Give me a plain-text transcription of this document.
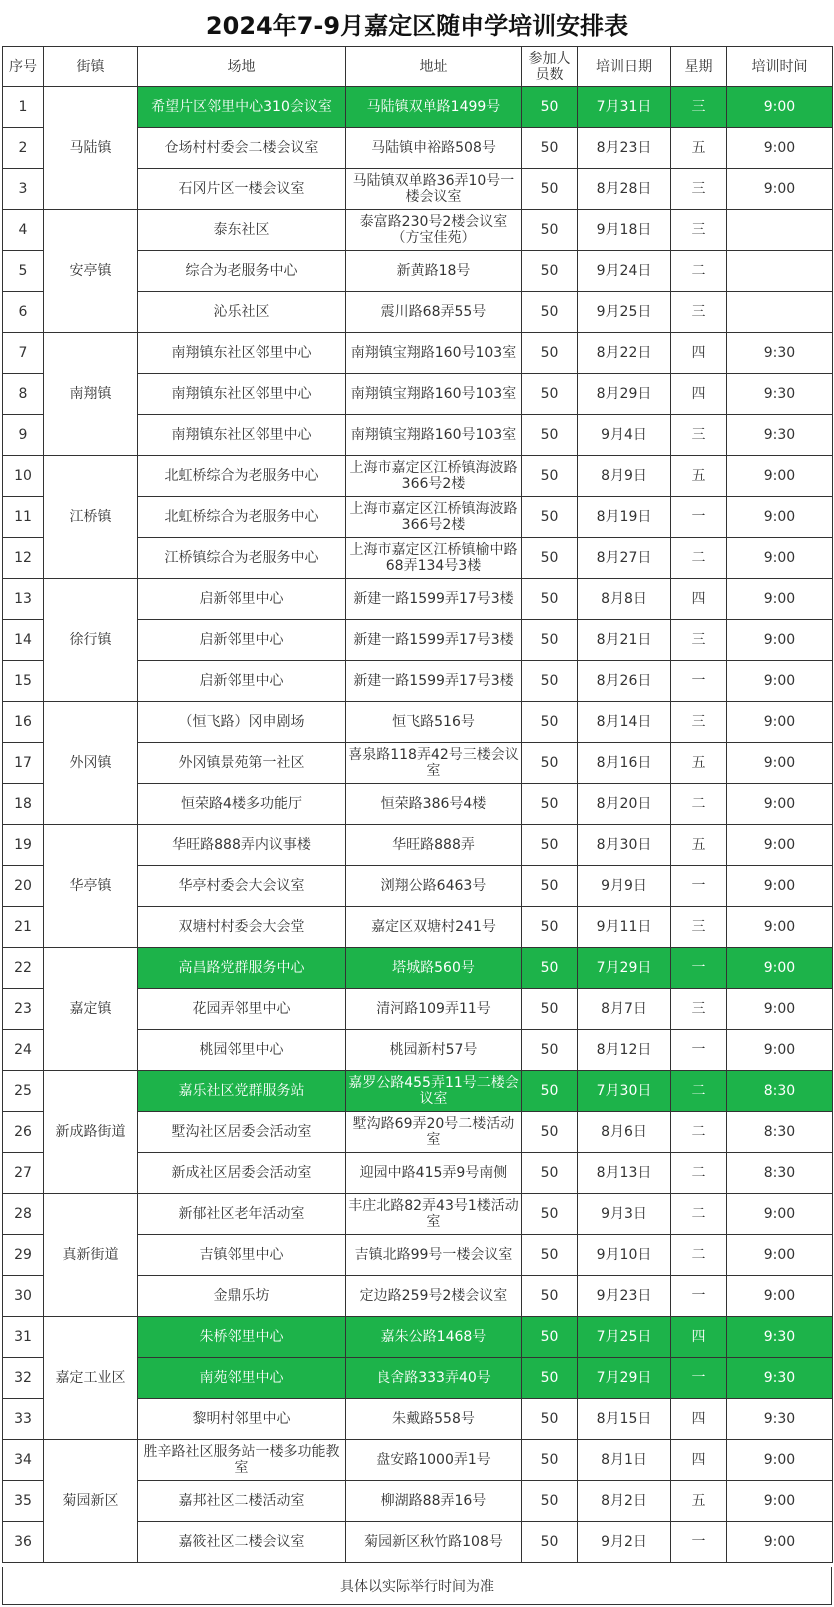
2024年7-9月嘉定区随申学培训安排表
序号	街镇	场地	地址	参加人员数	培训日期	星期	培训时间
1	马陆镇	希望片区邻里中心310会议室	马陆镇双单路1499号	50	7月31日	三	9:00
2		仓场村村委会二楼会议室	马陆镇申裕路508号	50	8月23日	五	9:00
3		石冈片区一楼会议室	马陆镇双单路36弄10号一楼会议室	50	8月28日	三	9:00
4	安亭镇	泰东社区	泰富路230号2楼会议室（方宝佳苑）	50	9月18日	三	
5		综合为老服务中心	新黄路18号	50	9月24日	二	
6		沁乐社区	震川路68弄55号	50	9月25日	三	
7	南翔镇	南翔镇东社区邻里中心	南翔镇宝翔路160号103室	50	8月22日	四	9:30
8		南翔镇东社区邻里中心	南翔镇宝翔路160号103室	50	8月29日	四	9:30
9		南翔镇东社区邻里中心	南翔镇宝翔路160号103室	50	9月4日	三	9:30
10	江桥镇	北虹桥综合为老服务中心	上海市嘉定区江桥镇海波路366号2楼	50	8月9日	五	9:00
11		北虹桥综合为老服务中心	上海市嘉定区江桥镇海波路366号2楼	50	8月19日	一	9:00
12		江桥镇综合为老服务中心	上海市嘉定区江桥镇榆中路68弄134号3楼	50	8月27日	二	9:00
13	徐行镇	启新邻里中心	新建一路1599弄17号3楼	50	8月8日	四	9:00
14		启新邻里中心	新建一路1599弄17号3楼	50	8月21日	三	9:00
15		启新邻里中心	新建一路1599弄17号3楼	50	8月26日	一	9:00
16	外冈镇	（恒飞路）冈申剧场	恒飞路516号	50	8月14日	三	9:00
17		外冈镇景苑第一社区	喜泉路118弄42号三楼会议室	50	8月16日	五	9:00
18		恒荣路4楼多功能厅	恒荣路386号4楼	50	8月20日	二	9:00
19	华亭镇	华旺路888弄内议事楼	华旺路888弄	50	8月30日	五	9:00
20		华亭村委会大会议室	浏翔公路6463号	50	9月9日	一	9:00
21		双塘村村委会大会堂	嘉定区双塘村241号	50	9月11日	三	9:00
22	嘉定镇	高昌路党群服务中心	塔城路560号	50	7月29日	一	9:00
23		花园弄邻里中心	清河路109弄11号	50	8月7日	三	9:00
24		桃园邻里中心	桃园新村57号	50	8月12日	一	9:00
25	新成路街道	嘉乐社区党群服务站	嘉罗公路455弄11号二楼会议室	50	7月30日	二	8:30
26		墅沟社区居委会活动室	墅沟路69弄20号二楼活动室	50	8月6日	二	8:30
27		新成社区居委会活动室	迎园中路415弄9号南侧	50	8月13日	二	8:30
28	真新街道	新郁社区老年活动室	丰庄北路82弄43号1楼活动室	50	9月3日	二	9:00
29		吉镇邻里中心	吉镇北路99号一楼会议室	50	9月10日	二	9:00
30		金鼎乐坊	定边路259号2楼会议室	50	9月23日	一	9:00
31	嘉定工业区	朱桥邻里中心	嘉朱公路1468号	50	7月25日	四	9:30
32		南苑邻里中心	良舍路333弄40号	50	7月29日	一	9:30
33		黎明村邻里中心	朱戴路558号	50	8月15日	四	9:30
34	菊园新区	胜辛路社区服务站一楼多功能教室	盘安路1000弄1号	50	8月1日	四	9:00
35		嘉邦社区二楼活动室	柳湖路88弄16号	50	8月2日	五	9:00
36		嘉筱社区二楼会议室	菊园新区秋竹路108号	50	9月2日	一	9:00
具体以实际举行时间为准
